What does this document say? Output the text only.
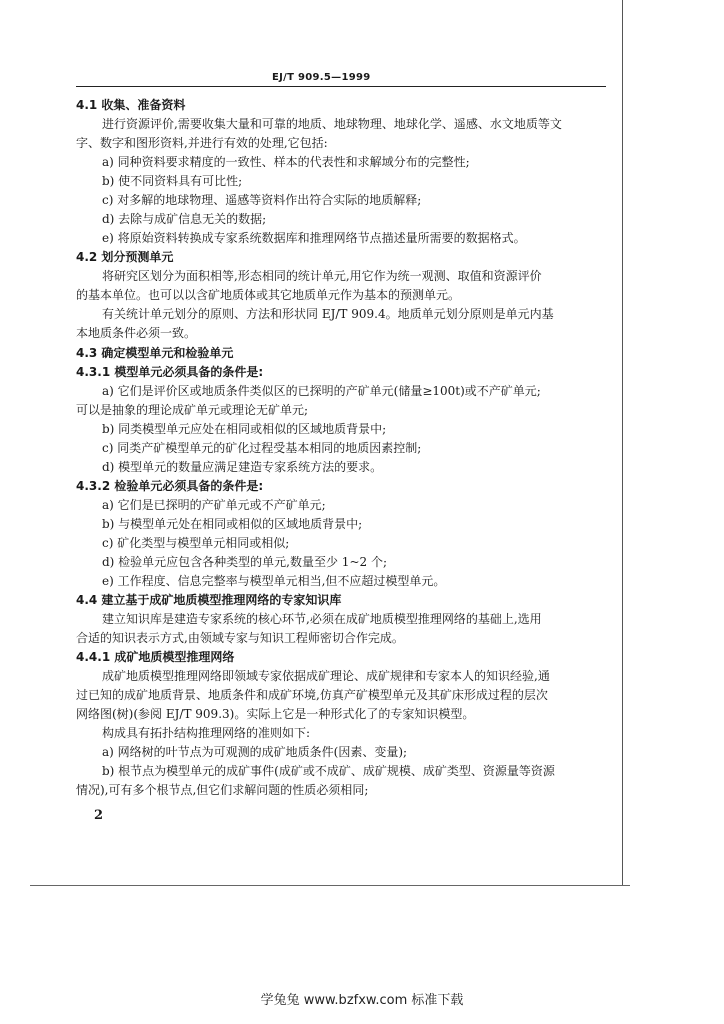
EJ/T 909.5—1999
4.1 收集、准备资料
进行资源评价,需要收集大量和可靠的地质、地球物理、地球化学、遥感、水文地质等文
字、数字和图形资料,并进行有效的处理,它包括:
a) 同种资料要求精度的一致性、样本的代表性和求解域分布的完整性;
b) 使不同资料具有可比性;
c) 对多解的地球物理、遥感等资料作出符合实际的地质解释;
d) 去除与成矿信息无关的数据;
e) 将原始资料转换成专家系统数据库和推理网络节点描述量所需要的数据格式。
4.2 划分预测单元
将研究区划分为面积相等,形态相同的统计单元,用它作为统一观测、取值和资源评价
的基本单位。也可以以含矿地质体或其它地质单元作为基本的预测单元。
有关统计单元划分的原则、方法和形状同 EJ/T 909.4。地质单元划分原则是单元内基
本地质条件必须一致。
4.3 确定模型单元和检验单元
4.3.1 模型单元必须具备的条件是:
a) 它们是评价区或地质条件类似区的已探明的产矿单元(储量≥100t)或不产矿单元;
可以是抽象的理论成矿单元或理论无矿单元;
b) 同类模型单元应处在相同或相似的区域地质背景中;
c) 同类产矿模型单元的矿化过程受基本相同的地质因素控制;
d) 模型单元的数量应满足建造专家系统方法的要求。
4.3.2 检验单元必须具备的条件是:
a) 它们是已探明的产矿单元或不产矿单元;
b) 与模型单元处在相同或相似的区域地质背景中;
c) 矿化类型与模型单元相同或相似;
d) 检验单元应包含各种类型的单元,数量至少 1~2 个;
e) 工作程度、信息完整率与模型单元相当,但不应超过模型单元。
4.4 建立基于成矿地质模型推理网络的专家知识库
建立知识库是建造专家系统的核心环节,必须在成矿地质模型推理网络的基础上,选用
合适的知识表示方式,由领域专家与知识工程师密切合作完成。
4.4.1 成矿地质模型推理网络
成矿地质模型推理网络即领域专家依据成矿理论、成矿规律和专家本人的知识经验,通
过已知的成矿地质背景、地质条件和成矿环境,仿真产矿模型单元及其矿床形成过程的层次
网络图(树)(参阅 EJ/T 909.3)。实际上它是一种形式化了的专家知识模型。
构成具有拓扑结构推理网络的准则如下:
a) 网络树的叶节点为可观测的成矿地质条件(因素、变量);
b) 根节点为模型单元的成矿事件(成矿或不成矿、成矿规模、成矿类型、资源量等资源
情况),可有多个根节点,但它们求解问题的性质必须相同;
2
学兔兔 www.bzfxw.com 标准下载
